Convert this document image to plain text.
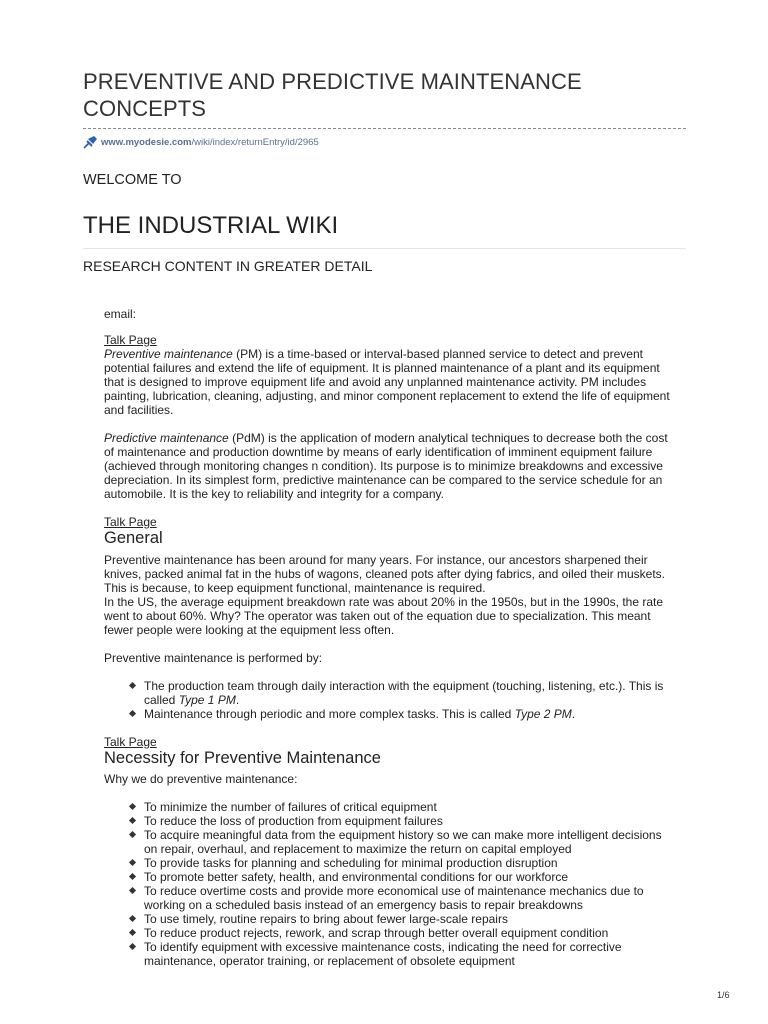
PREVENTIVE AND PREDICTIVE MAINTENANCE CONCEPTS
www.myodesie.com /wiki/index/returnEntry/id/2965
WELCOME TO
THE INDUSTRIAL WIKI
RESEARCH CONTENT IN GREATER DETAIL

email:

Talk Page

Preventive maintenance (PM) is a time-based or interval-based planned service to detect and prevent potential failures and extend the life of equipment. It is planned maintenance of a plant and its equipment that is designed to improve equipment life and avoid any unplanned maintenance activity. PM includes painting, lubrication, cleaning, adjusting, and minor component replacement to extend the life of equipment and facilities.

Predictive maintenance (PdM) is the application of modern analytical techniques to decrease both the cost of maintenance and production downtime by means of early identification of imminent equipment failure (achieved through monitoring changes n condition). Its purpose is to minimize breakdowns and excessive depreciation. In its simplest form, predictive maintenance can be compared to the service schedule for an automobile. It is the key to reliability and integrity for a company.

Talk Page
General

Preventive maintenance has been around for many years. For instance, our ancestors sharpened their knives, packed animal fat in the hubs of wagons, cleaned pots after dying fabrics, and oiled their muskets. This is because, to keep equipment functional, maintenance is required.

In the US, the average equipment breakdown rate was about 20% in the 1950s, but in the 1990s, the rate went to about 60%. Why? The operator was taken out of the equation due to specialization. This meant fewer people were looking at the equipment less often.

Preventive maintenance is performed by:

The production team through daily interaction with the equipment (touching, listening, etc.). This is called Type 1 PM.
Maintenance through periodic and more complex tasks. This is called Type 2 PM.
Talk Page
Necessity for Preventive Maintenance

Why we do preventive maintenance:

To minimize the number of failures of critical equipment
To reduce the loss of production from equipment failures
To acquire meaningful data from the equipment history so we can make more intelligent decisions on repair, overhaul, and replacement to maximize the return on capital employed
To provide tasks for planning and scheduling for minimal production disruption
To promote better safety, health, and environmental conditions for our workforce
To reduce overtime costs and provide more economical use of maintenance mechanics due to working on a scheduled basis instead of an emergency basis to repair breakdowns
To use timely, routine repairs to bring about fewer large-scale repairs
To reduce product rejects, rework, and scrap through better overall equipment condition
To identify equipment with excessive maintenance costs, indicating the need for corrective maintenance, operator training, or replacement of obsolete equipment
1/6
